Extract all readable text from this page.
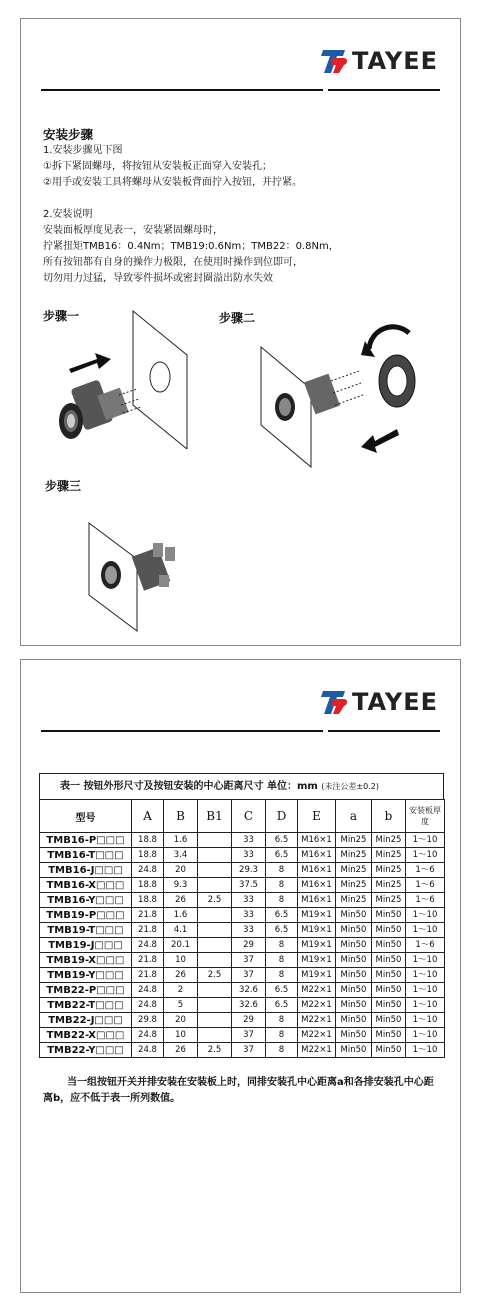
TAYEE
安装步骤
1.安装步骤见下图
①拆下紧固螺母，将按钮从安装板正面穿入安装孔；
②用手或安装工具将螺母从安装板背面拧入按钮，并拧紧。
2.安装说明
安装面板厚度见表一，安装紧固螺母时，
拧紧扭矩TMB16：0.4Nm；TMB19:0.6Nm；TMB22：0.8Nm，
所有按钮都有自身的操作力极限，在使用时操作到位即可，
切勿用力过猛，导致零件损坏或密封圈溢出防水失效
步骤一	步骤二
步骤三
TAYEE
表一 按钮外形尺寸及按钮安装的中心距离尺寸 单位：mm (未注公差±0.2)
型号	A	B	B1	C	D	E	a	b	安装板厚度
TMB16-P□□□	18.8	1.6		33	6.5	M16×1	Min25	Min25	1～10
TMB16-T□□□	18.8	3.4		33	6.5	M16×1	Min25	Min25	1～10
TMB16-J□□□	24.8	20		29.3	8	M16×1	Min25	Min25	1～6
TMB16-X□□□	18.8	9.3		37.5	8	M16×1	Min25	Min25	1～6
TMB16-Y□□□	18.8	26	2.5	33	8	M16×1	Min25	Min25	1～6
TMB19-P□□□	21.8	1.6		33	6.5	M19×1	Min50	Min50	1～10
TMB19-T□□□	21.8	4.1		33	6.5	M19×1	Min50	Min50	1～10
TMB19-J□□□	24.8	20.1		29	8	M19×1	Min50	Min50	1～6
TMB19-X□□□	21.8	10		37	8	M19×1	Min50	Min50	1～10
TMB19-Y□□□	21.8	26	2.5	37	8	M19×1	Min50	Min50	1～10
TMB22-P□□□	24.8	2		32.6	6.5	M22×1	Min50	Min50	1～10
TMB22-T□□□	24.8	5		32.6	6.5	M22×1	Min50	Min50	1～10
TMB22-J□□□	29.8	20		29	8	M22×1	Min50	Min50	1～10
TMB22-X□□□	24.8	10		37	8	M22×1	Min50	Min50	1～10
TMB22-Y□□□	24.8	26	2.5	37	8	M22×1	Min50	Min50	1～10
当一组按钮开关并排安装在安装板上时，同排安装孔中心距离a和各排安装孔中心距离b，应不低于表一所列数值。
